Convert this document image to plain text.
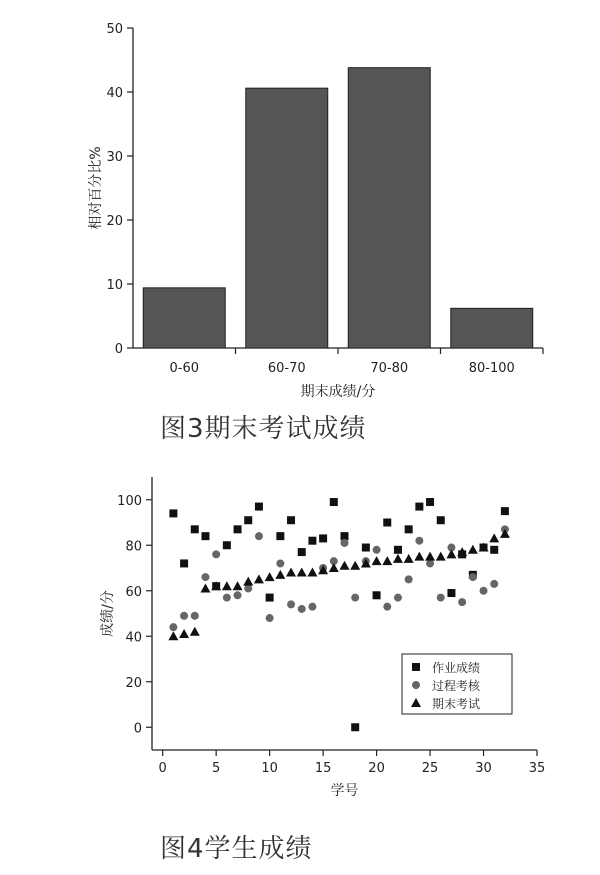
0
10
20
30
40
50
0-60	60-70	70-80	80-100
期末成绩/分
相对百分比%
图3期末考试成绩
0
20
40
60
80
100
0	5	10	15	20	25	30	35
学号
成绩/分
作业成绩
过程考核
期末考试
图4学生成绩
